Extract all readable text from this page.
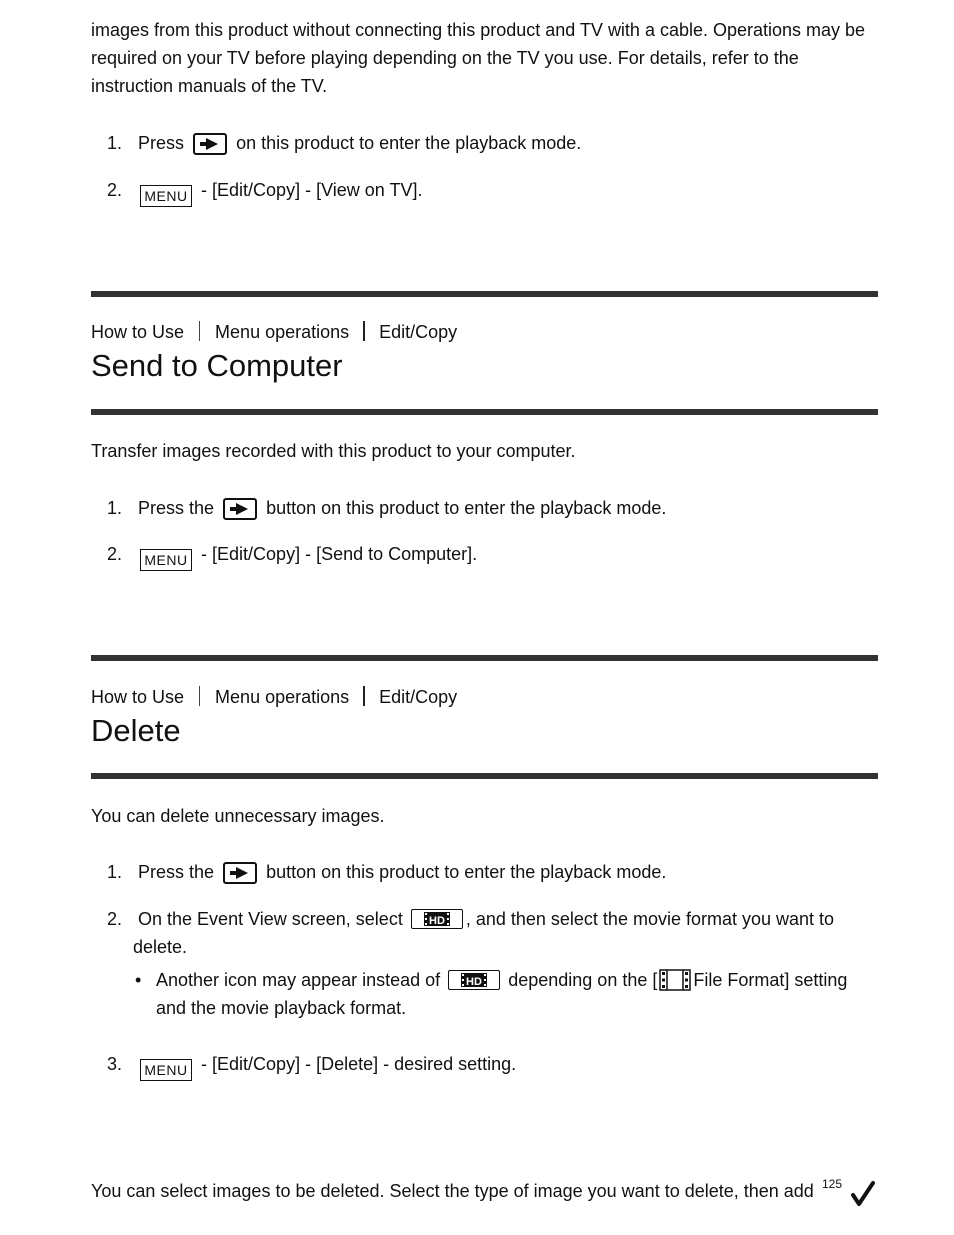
images from this product without connecting this product and TV with a cable. Operations may be required on your TV before playing depending on the TV you use. For details, refer to the instruction manuals of the TV.

1. Press	on this product to enter the playback mode.
2. MENU - [Edit/Copy] - [View on TV].
How to Use Menu operations Edit/Copy
Send to Computer
Transfer images recorded with this product to your computer.
1. Press the	button on this product to enter the playback mode.
2. MENU - [Edit/Copy] - [Send to Computer].
How to Use Menu operations Edit/Copy
Delete
You can delete unnecessary images.
1. Press the	button on this product to enter the playback mode.
2. On the Event View screen, select HD , and then select the movie format you want to
delete.
• Another icon may appear instead of HD depending on the [ File Format] setting
and the movie playback format.
3. MENU - [Edit/Copy] - [Delete] - desired setting.
You can select images to be deleted. Select the type of image you want to delete, then add 125
